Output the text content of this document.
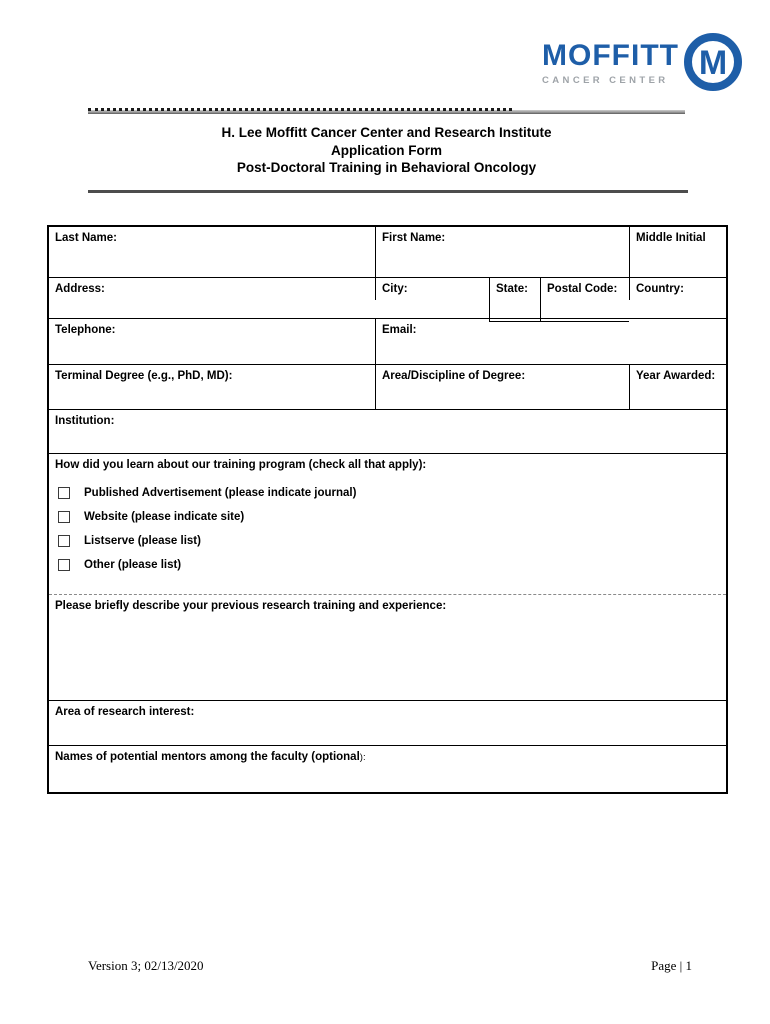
MOFFITT
CANCER CENTER M
H. Lee Moffitt Cancer Center and Research Institute
Application Form
Post-Doctoral Training in Behavioral Oncology
Last Name:	First Name:	Middle Initial
Address:	City:	State:	Postal Code:	Country:
Telephone:	Email:
Terminal Degree (e.g., PhD, MD):	Area/Discipline of Degree:	Year Awarded:
Institution:
How did you learn about our training program (check all that apply):
Published Advertisement (please indicate journal)
Website (please indicate site)
Listserve (please list)
Other (please list)
Please briefly describe your previous research training and experience:
Area of research interest:
Names of potential mentors among the faculty (optional):
Version 3; 02/13/2020	Page | 1
